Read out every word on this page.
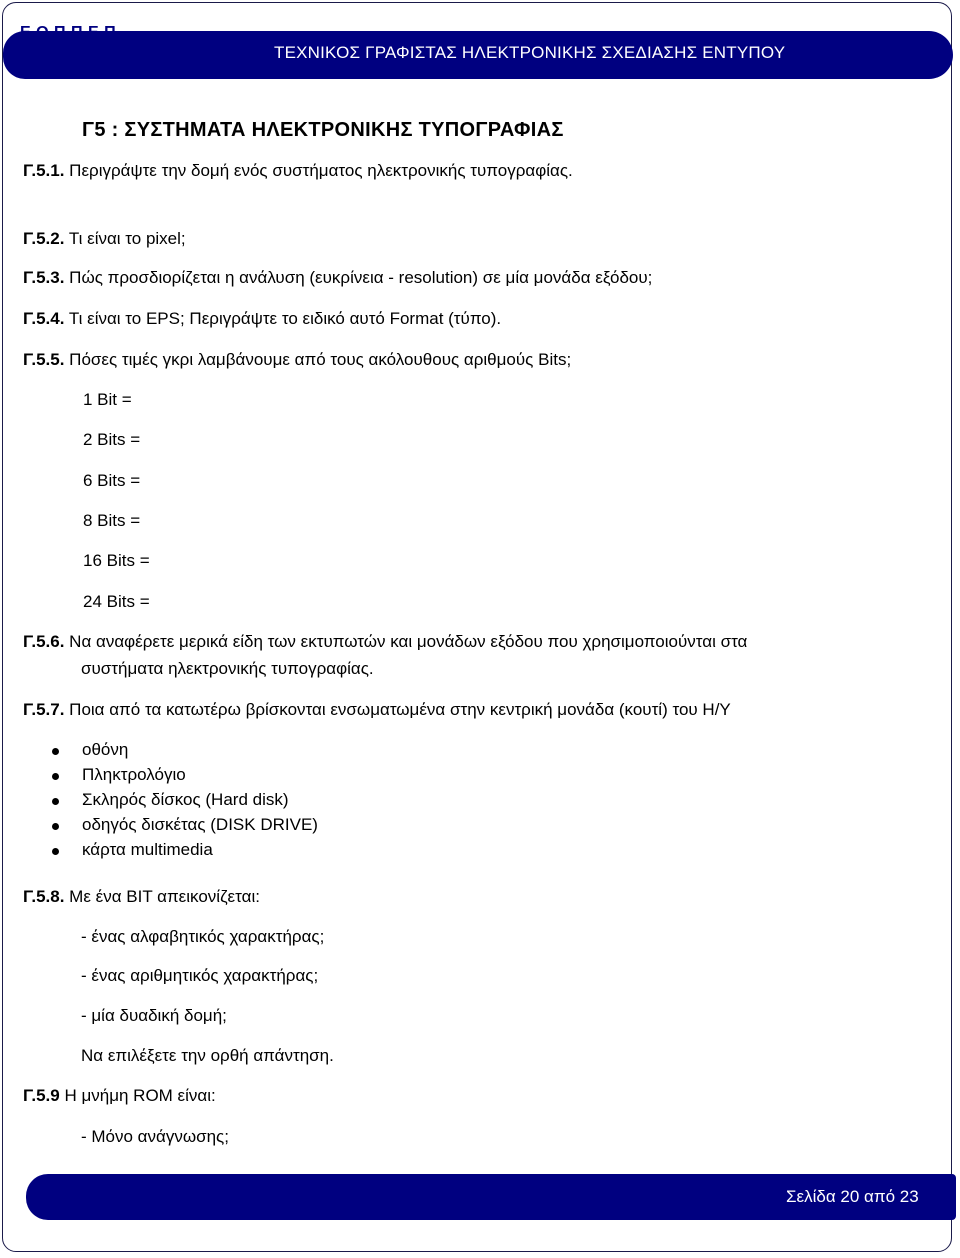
Ε.Ο.Π.Π.Ε.Π.
ΤΕΧΝΙΚΟΣ ΓΡΑΦΙΣΤΑΣ ΗΛΕΚΤΡΟΝΙΚΗΣ ΣΧΕΔΙΑΣΗΣ ΕΝΤΥΠΟΥ
Γ5 : ΣΥΣΤΗΜΑΤΑ ΗΛΕΚΤΡΟΝΙΚΗΣ ΤΥΠΟΓΡΑΦΙΑΣ
Γ.5.1. Περιγράψτε την δομή ενός συστήματος ηλεκτρονικής τυπογραφίας.
Γ.5.2. Τι είναι το pixel;
Γ.5.3. Πώς προσδιορίζεται η ανάλυση (ευκρίνεια - resolution) σε μία μονάδα εξόδου;
Γ.5.4. Τι είναι το EPS; Περιγράψτε το ειδικό αυτό Format (τύπο).
Γ.5.5. Πόσες τιμές γκρι λαμβάνουμε από τους ακόλουθους αριθμούς Bits;
1 Bit =
2 Bits =
6 Bits =
8 Bits =
16 Bits =
24 Bits =
Γ.5.6. Να αναφέρετε μερικά είδη των εκτυπωτών και μονάδων εξόδου που χρησιμοποιούνται στα
συστήματα ηλεκτρονικής τυπογραφίας.
Γ.5.7. Ποια από τα κατωτέρω βρίσκονται ενσωματωμένα στην κεντρική μονάδα (κουτί) του Η/Υ
οθόνη
Πληκτρολόγιο
Σκληρός δίσκος (Hard disk)
οδηγός δισκέτας (DISK DRIVE)
κάρτα multimedia
Γ.5.8. Με ένα BIT απεικονίζεται:
- ένας αλφαβητικός χαρακτήρας;
- ένας αριθμητικός χαρακτήρας;
- μία δυαδική δομή;
Να επιλέξετε την ορθή απάντηση.
Γ.5.9 Η μνήμη ROM είναι:
- Μόνο ανάγνωσης;
Σελίδα 20 από 23
